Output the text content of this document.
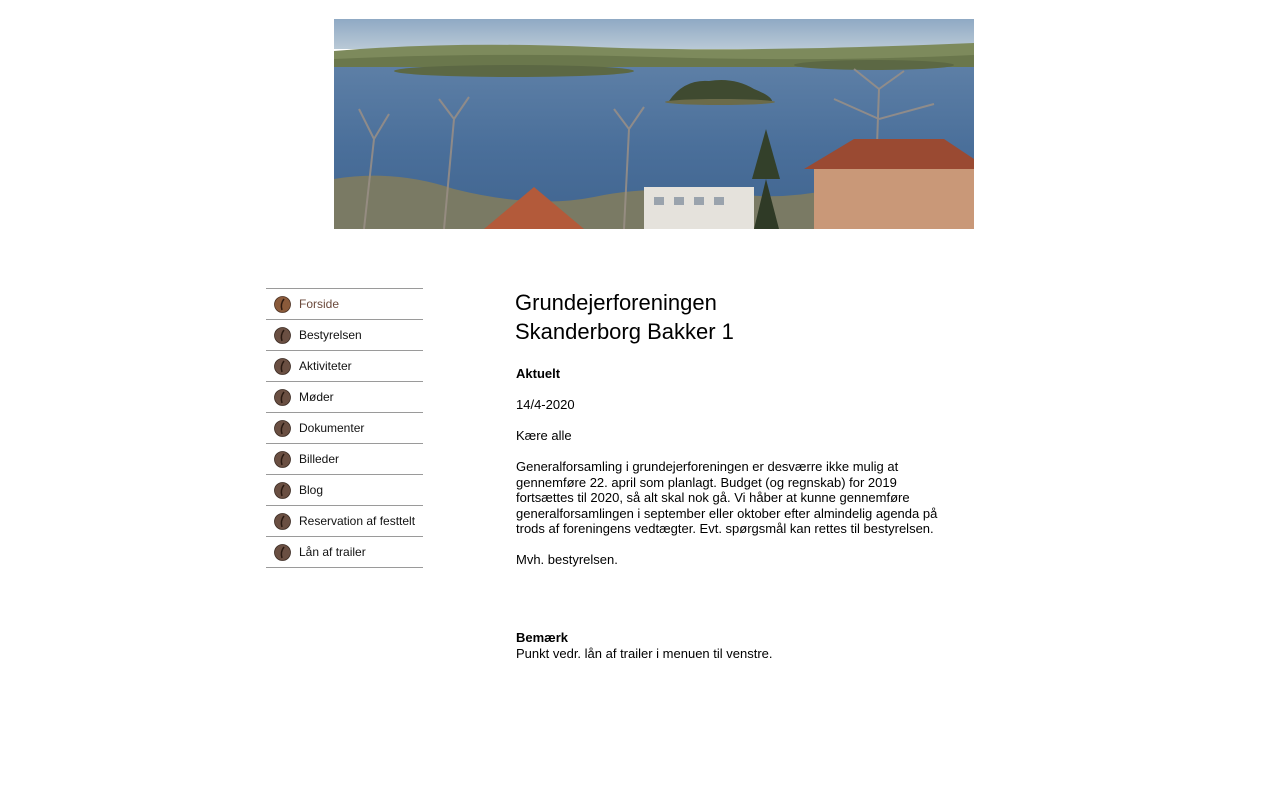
Forside
Bestyrelsen
Aktiviteter
Møder
Dokumenter
Billeder
Blog
Reservation af festtelt
Lån af trailer
Grundejerforeningen
Skanderborg Bakker 1

Aktuelt

14/4-2020

Kære alle

Generalforsamling i grundejerforeningen er desværre ikke mulig at gennemføre 22. april som planlagt. Budget (og regnskab) for 2019 fortsættes til 2020, så alt skal nok gå. Vi håber at kunne gennemføre generalforsamlingen i september eller oktober efter almindelig agenda på trods af foreningens vedtægter. Evt. spørgsmål kan rettes til bestyrelsen.

Mvh. bestyrelsen.

Bemærk
Punkt vedr. lån af trailer i menuen til venstre.
